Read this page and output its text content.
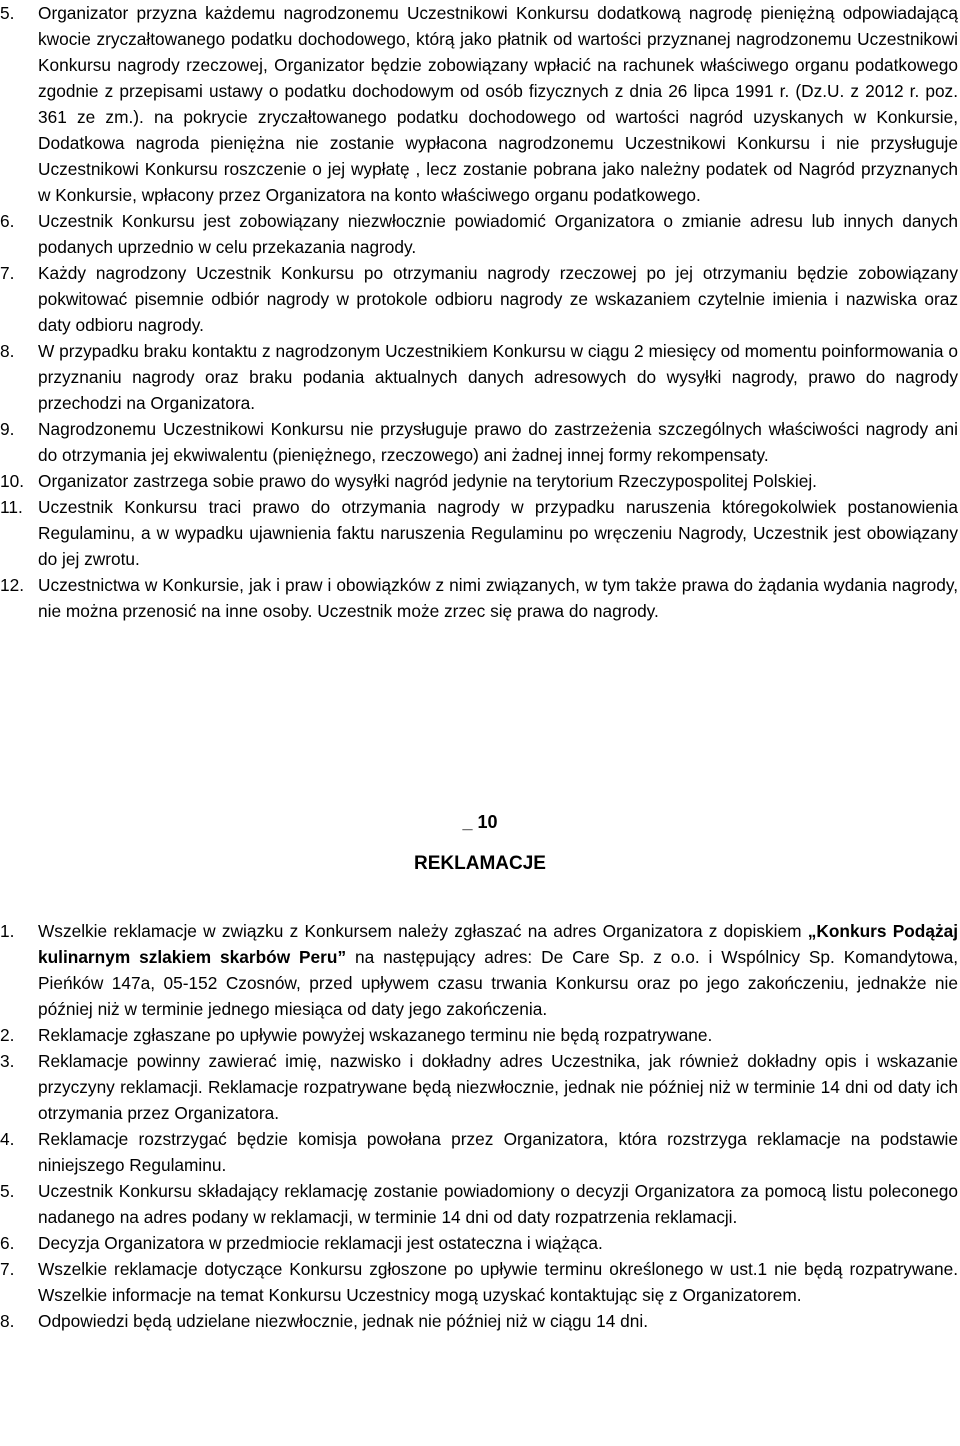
5.	Organizator przyzna każdemu nagrodzonemu Uczestnikowi Konkursu dodatkową nagrodę pieniężną odpowiadającą kwocie zryczałtowanego podatku dochodowego, którą jako płatnik od wartości przyznanej nagrodzonemu Uczestnikowi Konkursu nagrody rzeczowej, Organizator będzie zobowiązany wpłacić na rachunek właściwego organu podatkowego zgodnie z przepisami ustawy o podatku dochodowym od osób fizycznych z dnia 26 lipca 1991 r. (Dz.U. z 2012 r. poz. 361 ze zm.). na pokrycie zryczałtowanego podatku dochodowego od wartości nagród uzyskanych w Konkursie, Dodatkowa nagroda pieniężna nie zostanie wypłacona nagrodzonemu Uczestnikowi Konkursu i nie przysługuje Uczestnikowi Konkursu roszczenie o jej wypłatę , lecz zostanie pobrana jako należny podatek od Nagród przyznanych w Konkursie, wpłacony przez Organizatora na konto właściwego organu podatkowego.
6.	Uczestnik Konkursu jest zobowiązany niezwłocznie powiadomić Organizatora o zmianie adresu lub innych danych podanych uprzednio w celu przekazania nagrody.
7.	Każdy nagrodzony Uczestnik Konkursu po otrzymaniu nagrody rzeczowej po jej otrzymaniu będzie zobowiązany pokwitować pisemnie odbiór nagrody w protokole odbioru nagrody ze wskazaniem czytelnie imienia i nazwiska oraz daty odbioru nagrody.
8.	W przypadku braku kontaktu z nagrodzonym Uczestnikiem Konkursu w ciągu 2 miesięcy od momentu poinformowania o przyznaniu nagrody oraz braku podania aktualnych danych adresowych do wysyłki nagrody, prawo do nagrody przechodzi na Organizatora.
9.	Nagrodzonemu Uczestnikowi Konkursu nie przysługuje prawo do zastrzeżenia szczególnych właściwości nagrody ani do otrzymania jej ekwiwalentu (pieniężnego, rzeczowego) ani żadnej innej formy rekompensaty.
10. Organizator zastrzega sobie prawo do wysyłki nagród jedynie na terytorium Rzeczypospolitej Polskiej.
11. Uczestnik Konkursu traci prawo do otrzymania nagrody w przypadku naruszenia któregokolwiek postanowienia Regulaminu, a w wypadku ujawnienia faktu naruszenia Regulaminu po wręczeniu Nagrody, Uczestnik jest obowiązany do jej zwrotu.
12. Uczestnictwa w Konkursie, jak i praw i obowiązków z nimi związanych, w tym także prawa do żądania wydania nagrody, nie można przenosić na inne osoby. Uczestnik może zrzec się prawa do nagrody.
_ 10
REKLAMACJE
1.	Wszelkie reklamacje w związku z Konkursem należy zgłaszać na adres Organizatora z dopiskiem „Konkurs Podążaj kulinarnym szlakiem skarbów Peru” na następujący adres: De Care Sp. z o.o. i Wspólnicy Sp. Komandytowa, Pieńków 147a, 05-152 Czosnów, przed upływem czasu trwania Konkursu oraz po jego zakończeniu, jednakże nie później niż w terminie jednego miesiąca od daty jego zakończenia.
2.	Reklamacje zgłaszane po upływie powyżej wskazanego terminu nie będą rozpatrywane.
3.	Reklamacje powinny zawierać imię, nazwisko i dokładny adres Uczestnika, jak również dokładny opis i wskazanie przyczyny reklamacji. Reklamacje rozpatrywane będą niezwłocznie, jednak nie później niż w terminie 14 dni od daty ich otrzymania przez Organizatora.
4.	Reklamacje rozstrzygać będzie komisja powołana przez Organizatora, która rozstrzyga reklamacje na podstawie niniejszego Regulaminu.
5.	Uczestnik Konkursu składający reklamację zostanie powiadomiony o decyzji Organizatora za pomocą listu poleconego nadanego na adres podany w reklamacji, w terminie 14 dni od daty rozpatrzenia reklamacji.
6.	Decyzja Organizatora w przedmiocie reklamacji jest ostateczna i wiążąca.
7.	Wszelkie reklamacje dotyczące Konkursu zgłoszone po upływie terminu określonego w ust.1 nie będą rozpatrywane. Wszelkie informacje na temat Konkursu Uczestnicy mogą uzyskać kontaktując się z Organizatorem.
8.	Odpowiedzi będą udzielane niezwłocznie, jednak nie później niż w ciągu 14 dni.
